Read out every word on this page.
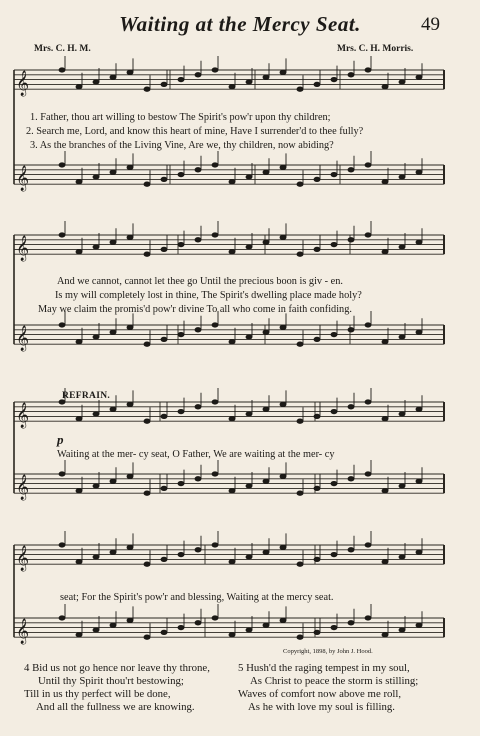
𝄞
𝄞
𝄞
𝄞
𝄞
𝄞
𝄞
𝄞
Waiting at the Mercy Seat.	49
Mrs. C. H. M.	Mrs. C. H. Morris.
1. Father, thou art willing to bestow The Spirit's pow'r upon thy children;
2. Search me, Lord, and know this heart of mine, Have I surrender'd to thee fully?
3. As the branches of the Living Vine, Are we, thy children, now abiding?
And we cannot, cannot let thee go Until the precious boon is giv - en.
Is my will completely lost in thine, The Spirit's dwelling place made holy?
May we claim the promis'd pow'r divine To all who come in faith confiding.
REFRAIN.
p
Waiting at the mer- cy seat, O Father, We are waiting at the mer- cy
seat; For the Spirit's pow'r and blessing, Waiting at the mercy seat.
Copyright, 1898, by John J. Hood.
4 Bid us not go hence nor leave thy throne,
Until thy Spirit thou'rt bestowing;
Till in us thy perfect will be done,
And all the fullness we are knowing.
5 Hush'd the raging tempest in my soul,
As Christ to peace the storm is stilling;
Waves of comfort now above me roll,
As he with love my soul is filling.
